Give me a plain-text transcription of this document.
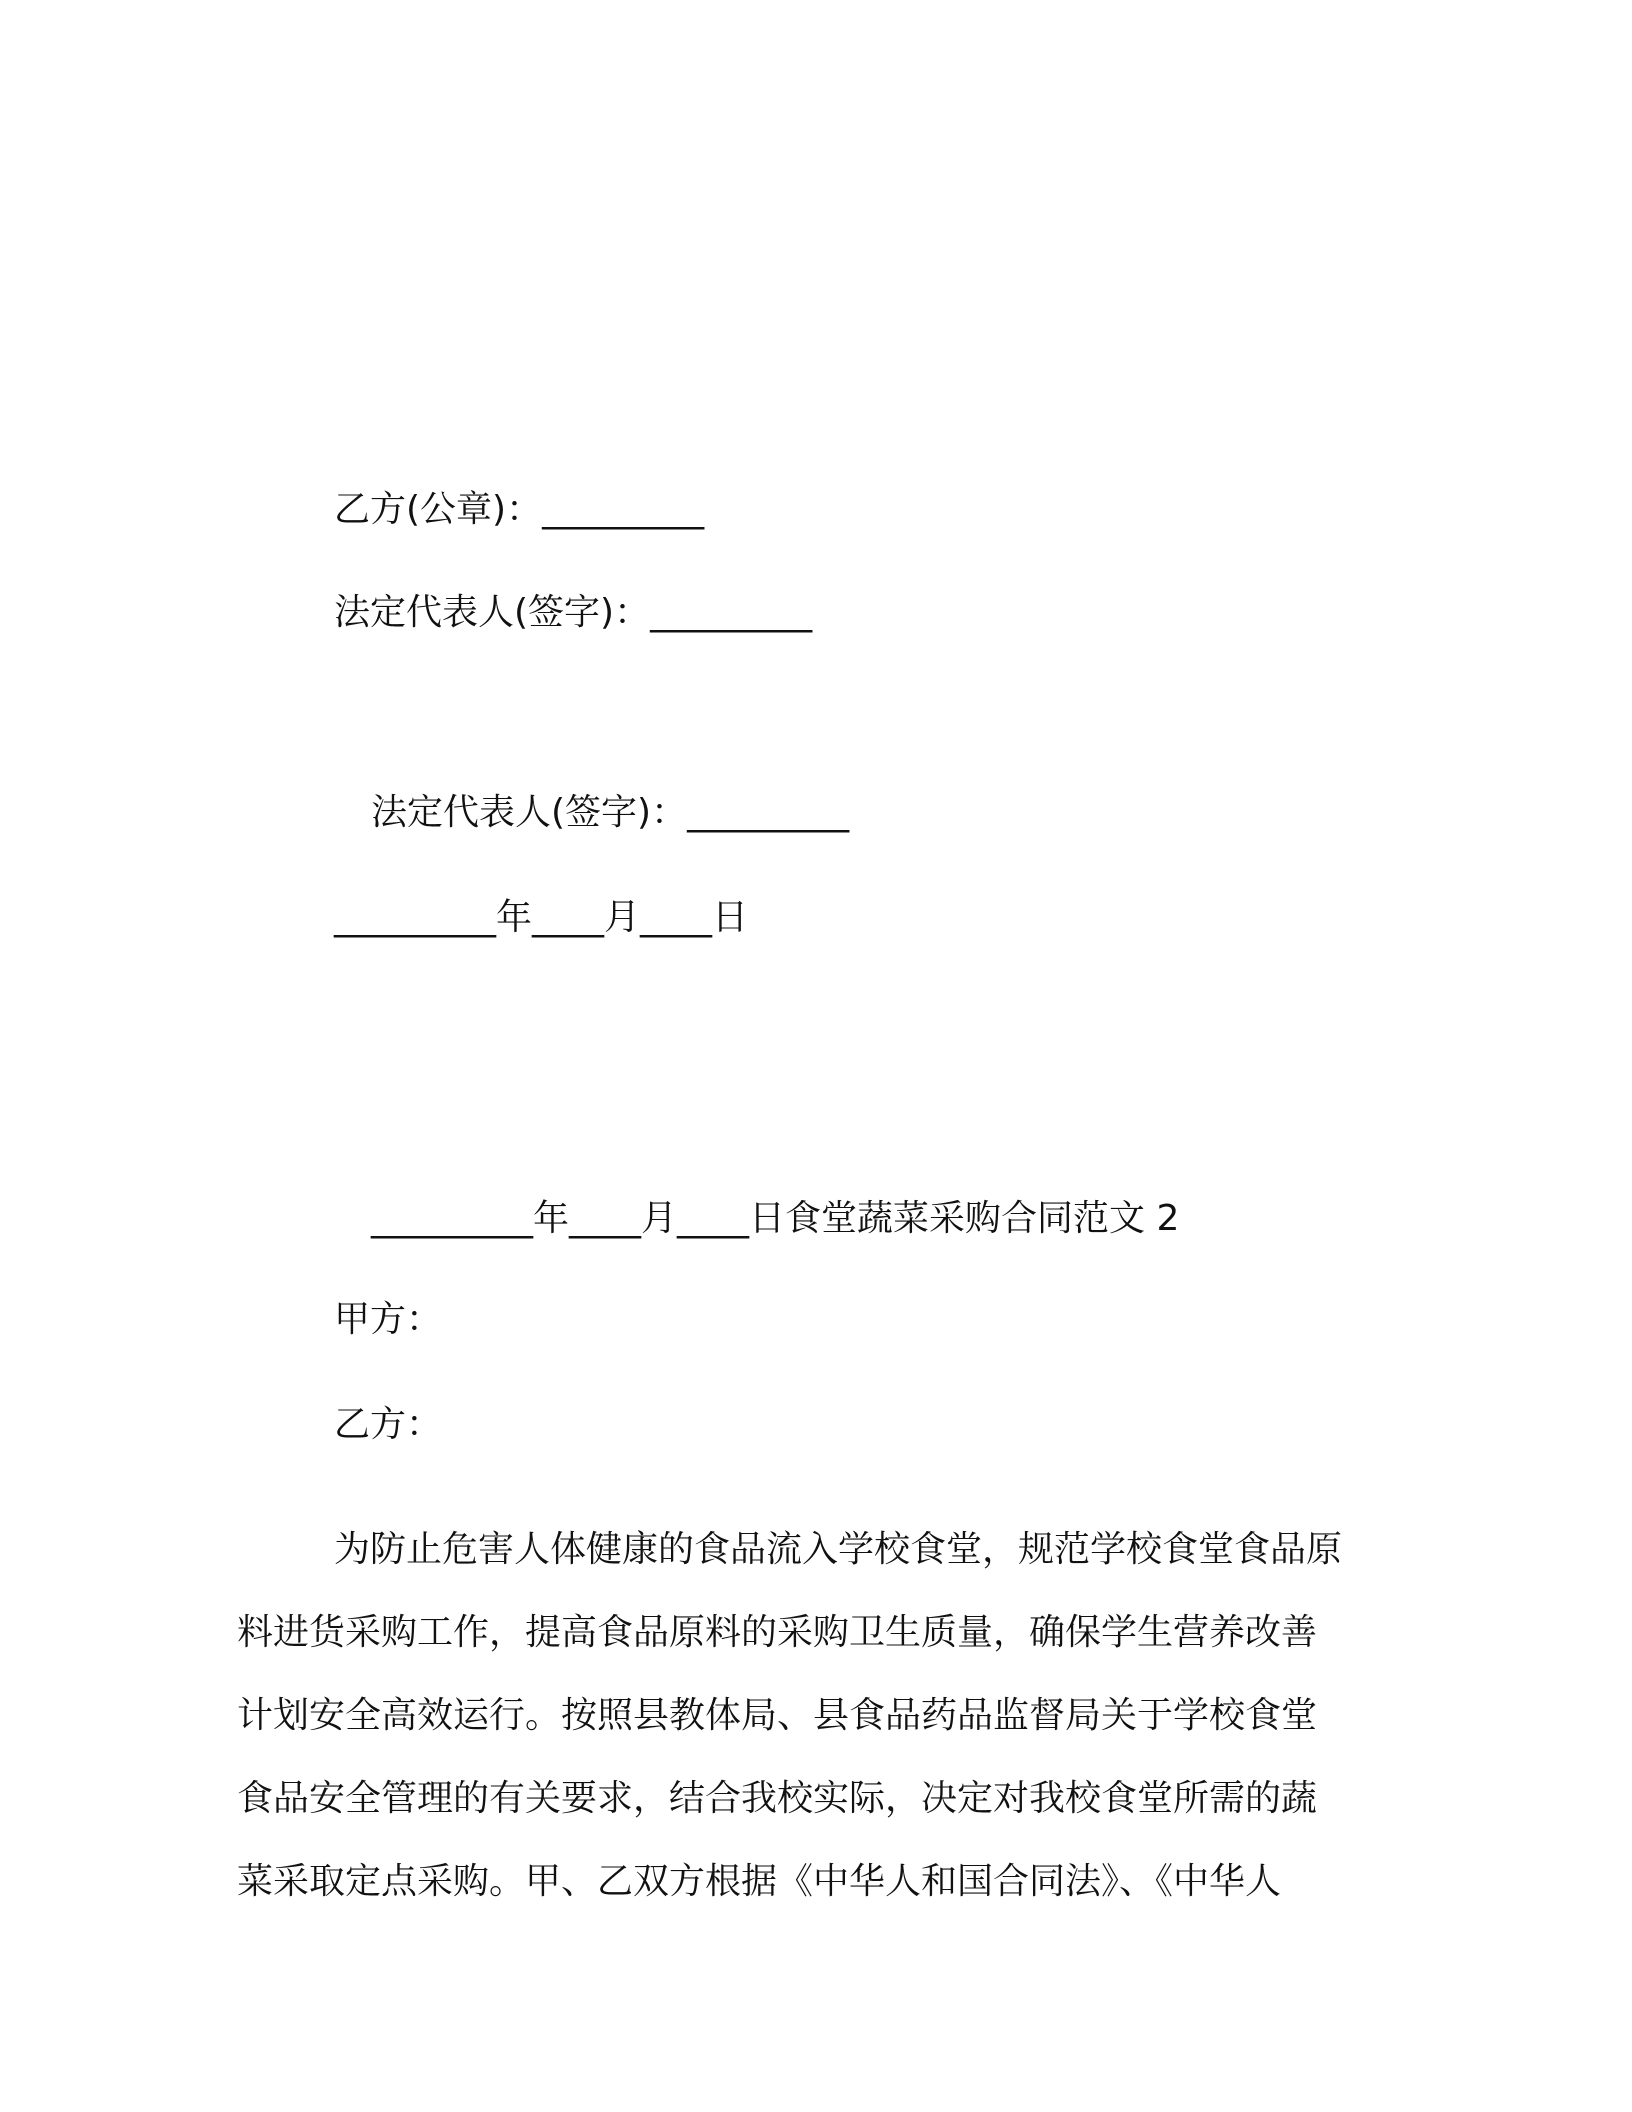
乙方(公章)：_________

法定代表人(签字)：_________

法定代表人(签字)：_________

_________年____月____日

_________年____月____日食堂蔬菜采购合同范文 2

甲方：

乙方：

为防止危害人体健康的食品流入学校食堂，规范学校食堂食品原
料进货采购工作，提高食品原料的采购卫生质量，确保学生营养改善
计划安全高效运行。按照县教体局、县食品药品监督局关于学校食堂
食品安全管理的有关要求，结合我校实际，决定对我校食堂所需的蔬
菜采取定点采购。甲、乙双方根据《中华人和国合同法》、《中华人
